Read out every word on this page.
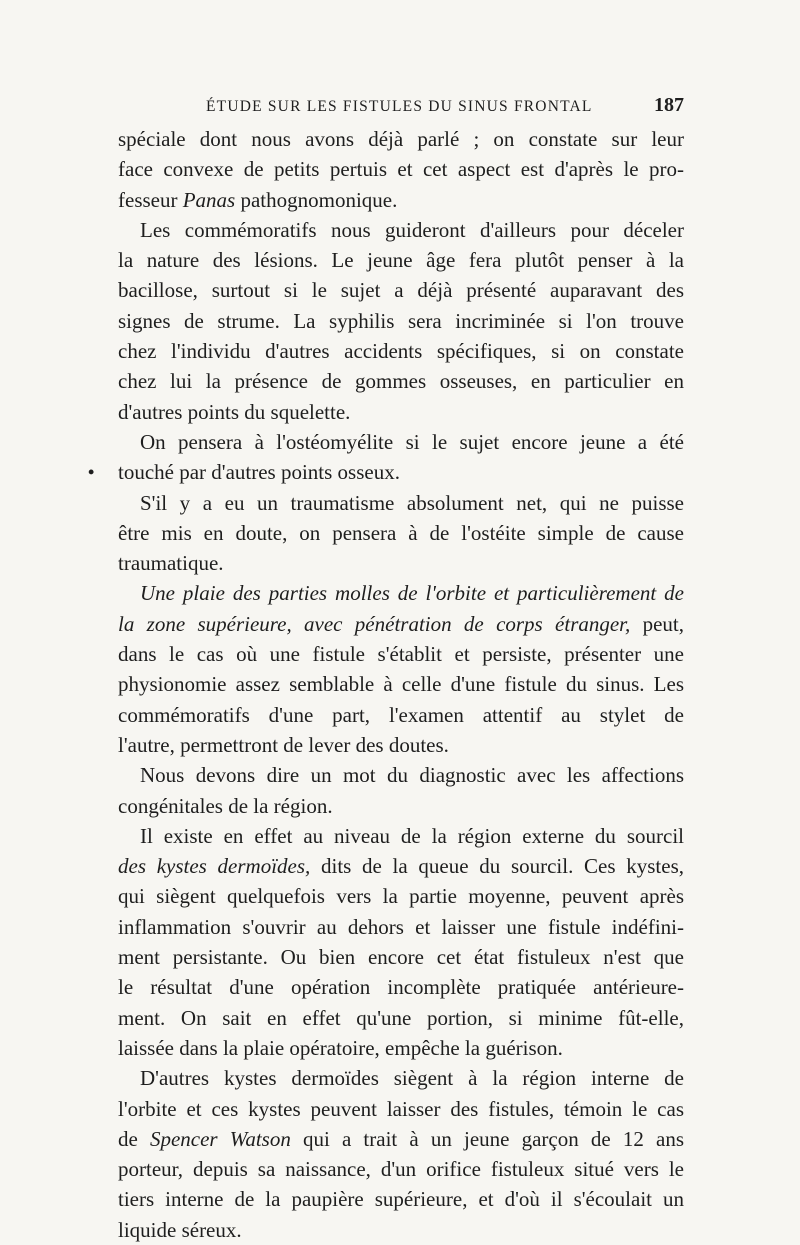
ÉTUDE SUR LES FISTULES DU SINUS FRONTAL	187
•
spéciale dont nous avons déjà parlé ; on constate sur leur
face convexe de petits pertuis et cet aspect est d'après le pro-
fesseur Panas pathognomonique.
Les commémoratifs nous guideront d'ailleurs pour déceler
la nature des lésions. Le jeune âge fera plutôt penser à la
bacillose, surtout si le sujet a déjà présenté auparavant des
signes de strume. La syphilis sera incriminée si l'on trouve
chez l'individu d'autres accidents spécifiques, si on constate
chez lui la présence de gommes osseuses, en particulier en
d'autres points du squelette.
On pensera à l'ostéomyélite si le sujet encore jeune a été
touché par d'autres points osseux.
S'il y a eu un traumatisme absolument net, qui ne puisse
être mis en doute, on pensera à de l'ostéite simple de cause
traumatique.
Une plaie des parties molles de l'orbite et particulièrement de
la zone supérieure, avec pénétration de corps étranger, peut,
dans le cas où une fistule s'établit et persiste, présenter une
physionomie assez semblable à celle d'une fistule du sinus. Les
commémoratifs d'une part, l'examen attentif au stylet de
l'autre, permettront de lever des doutes.
Nous devons dire un mot du diagnostic avec les affections
congénitales de la région.
Il existe en effet au niveau de la région externe du sourcil
des kystes dermoïdes, dits de la queue du sourcil. Ces kystes,
qui siègent quelquefois vers la partie moyenne, peuvent après
inflammation s'ouvrir au dehors et laisser une fistule indéfini-
ment persistante. Ou bien encore cet état fistuleux n'est que
le résultat d'une opération incomplète pratiquée antérieure-
ment. On sait en effet qu'une portion, si minime fût-elle,
laissée dans la plaie opératoire, empêche la guérison.
D'autres kystes dermoïdes siègent à la région interne de
l'orbite et ces kystes peuvent laisser des fistules, témoin le cas
de Spencer Watson qui a trait à un jeune garçon de 12 ans
porteur, depuis sa naissance, d'un orifice fistuleux situé vers le
tiers interne de la paupière supérieure, et d'où il s'écoulait un
liquide séreux.
